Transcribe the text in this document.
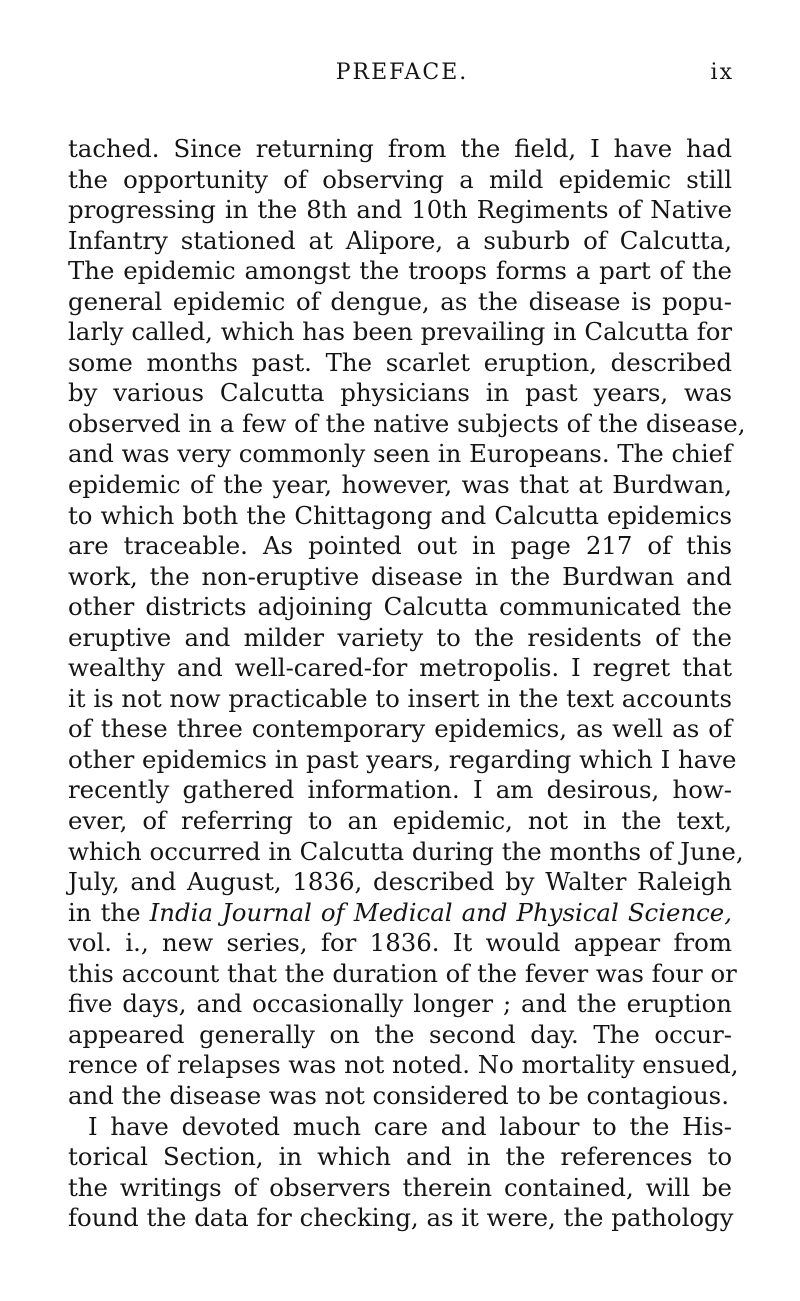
PREFACE.	ix
tached. Since returning from the field, I have had
the opportunity of observing a mild epidemic still
progressing in the 8th and 10th Regiments of Native
Infantry stationed at Alipore, a suburb of Calcutta,
The epidemic amongst the troops forms a part of the
general epidemic of dengue, as the disease is popu-
larly called, which has been prevailing in Calcutta for
some months past. The scarlet eruption, described
by various Calcutta physicians in past years, was
observed in a few of the native subjects of the disease,
and was very commonly seen in Europeans. The chief
epidemic of the year, however, was that at Burdwan,
to which both the Chittagong and Calcutta epidemics
are traceable. As pointed out in page 217 of this
work, the non-eruptive disease in the Burdwan and
other districts adjoining Calcutta communicated the
eruptive and milder variety to the residents of the
wealthy and well-cared-for metropolis. I regret that
it is not now practicable to insert in the text accounts
of these three contemporary epidemics, as well as of
other epidemics in past years, regarding which I have
recently gathered information. I am desirous, how-
ever, of referring to an epidemic, not in the text,
which occurred in Calcutta during the months of June,
July, and August, 1836, described by Walter Raleigh
in the India Journal of Medical and Physical Science,
vol. i., new series, for 1836. It would appear from
this account that the duration of the fever was four or
five days, and occasionally longer ; and the eruption
appeared generally on the second day. The occur-
rence of relapses was not noted. No mortality ensued,
and the disease was not considered to be contagious.
I have devoted much care and labour to the His-
torical Section, in which and in the references to
the writings of observers therein contained, will be
found the data for checking, as it were, the pathology
